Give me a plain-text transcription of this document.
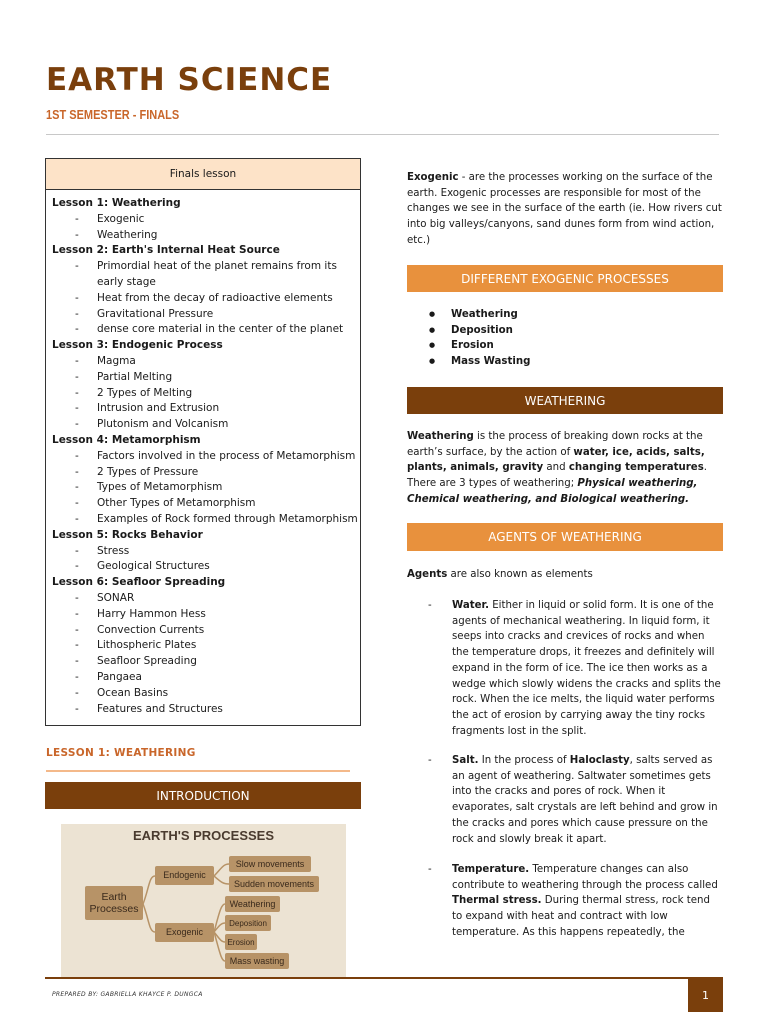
EARTH SCIENCE
1ST SEMESTER - FINALS
Finals lesson
Lesson 1: Weathering
- Exogenic
- Weathering
Lesson 2: Earth's Internal Heat Source
- Primordial heat of the planet remains from its early stage
- Heat from the decay of radioactive elements
- Gravitational Pressure
- dense core material in the center of the planet
Lesson 3: Endogenic Process
- Magma
- Partial Melting
- 2 Types of Melting
- Intrusion and Extrusion
- Plutonism and Volcanism
Lesson 4: Metamorphism
- Factors involved in the process of Metamorphism
- 2 Types of Pressure
- Types of Metamorphism
- Other Types of Metamorphism
- Examples of Rock formed through Metamorphism
Lesson 5: Rocks Behavior
- Stress
- Geological Structures
Lesson 6: Seafloor Spreading
- SONAR
- Harry Hammon Hess
- Convection Currents
- Lithospheric Plates
- Seafloor Spreading
- Pangaea
- Ocean Basins
- Features and Structures
LESSON 1: WEATHERING
INTRODUCTION
EARTH'S PROCESSES
Earth Processes
Endogenic
Exogenic
Slow movements
Sudden movements
Weathering
Deposition
Erosion
Mass wasting
Exogenic - are the processes working on the surface of the earth. Exogenic processes are responsible for most of the changes we see in the surface of the earth (ie. How rivers cut into big valleys/canyons, sand dunes form from wind action, etc.)
DIFFERENT EXOGENIC PROCESSES
● Weathering
● Deposition
● Erosion
● Mass Wasting
WEATHERING
Weathering is the process of breaking down rocks at the earth’s surface, by the action of water, ice, acids, salts, plants, animals, gravity and changing temperatures. There are 3 types of weathering; Physical weathering, Chemical weathering, and Biological weathering.
AGENTS OF WEATHERING
Agents are also known as elements
- Water. Either in liquid or solid form. It is one of the agents of mechanical weathering. In liquid form, it seeps into cracks and crevices of rocks and when the temperature drops, it freezes and definitely will expand in the form of ice. The ice then works as a wedge which slowly widens the cracks and splits the rock. When the ice melts, the liquid water performs the act of erosion by carrying away the tiny rocks fragments lost in the split.
- Salt. In the process of Haloclasty, salts served as an agent of weathering. Saltwater sometimes gets into the cracks and pores of rock. When it evaporates, salt crystals are left behind and grow in the cracks and pores which cause pressure on the rock and slowly break it apart.
- Temperature. Temperature changes can also contribute to weathering through the process called Thermal stress. During thermal stress, rock tend to expand with heat and contract with low temperature. As this happens repeatedly, the
PREPARED BY: GABRIELLA KHAYCE P. DUNGCA	1
